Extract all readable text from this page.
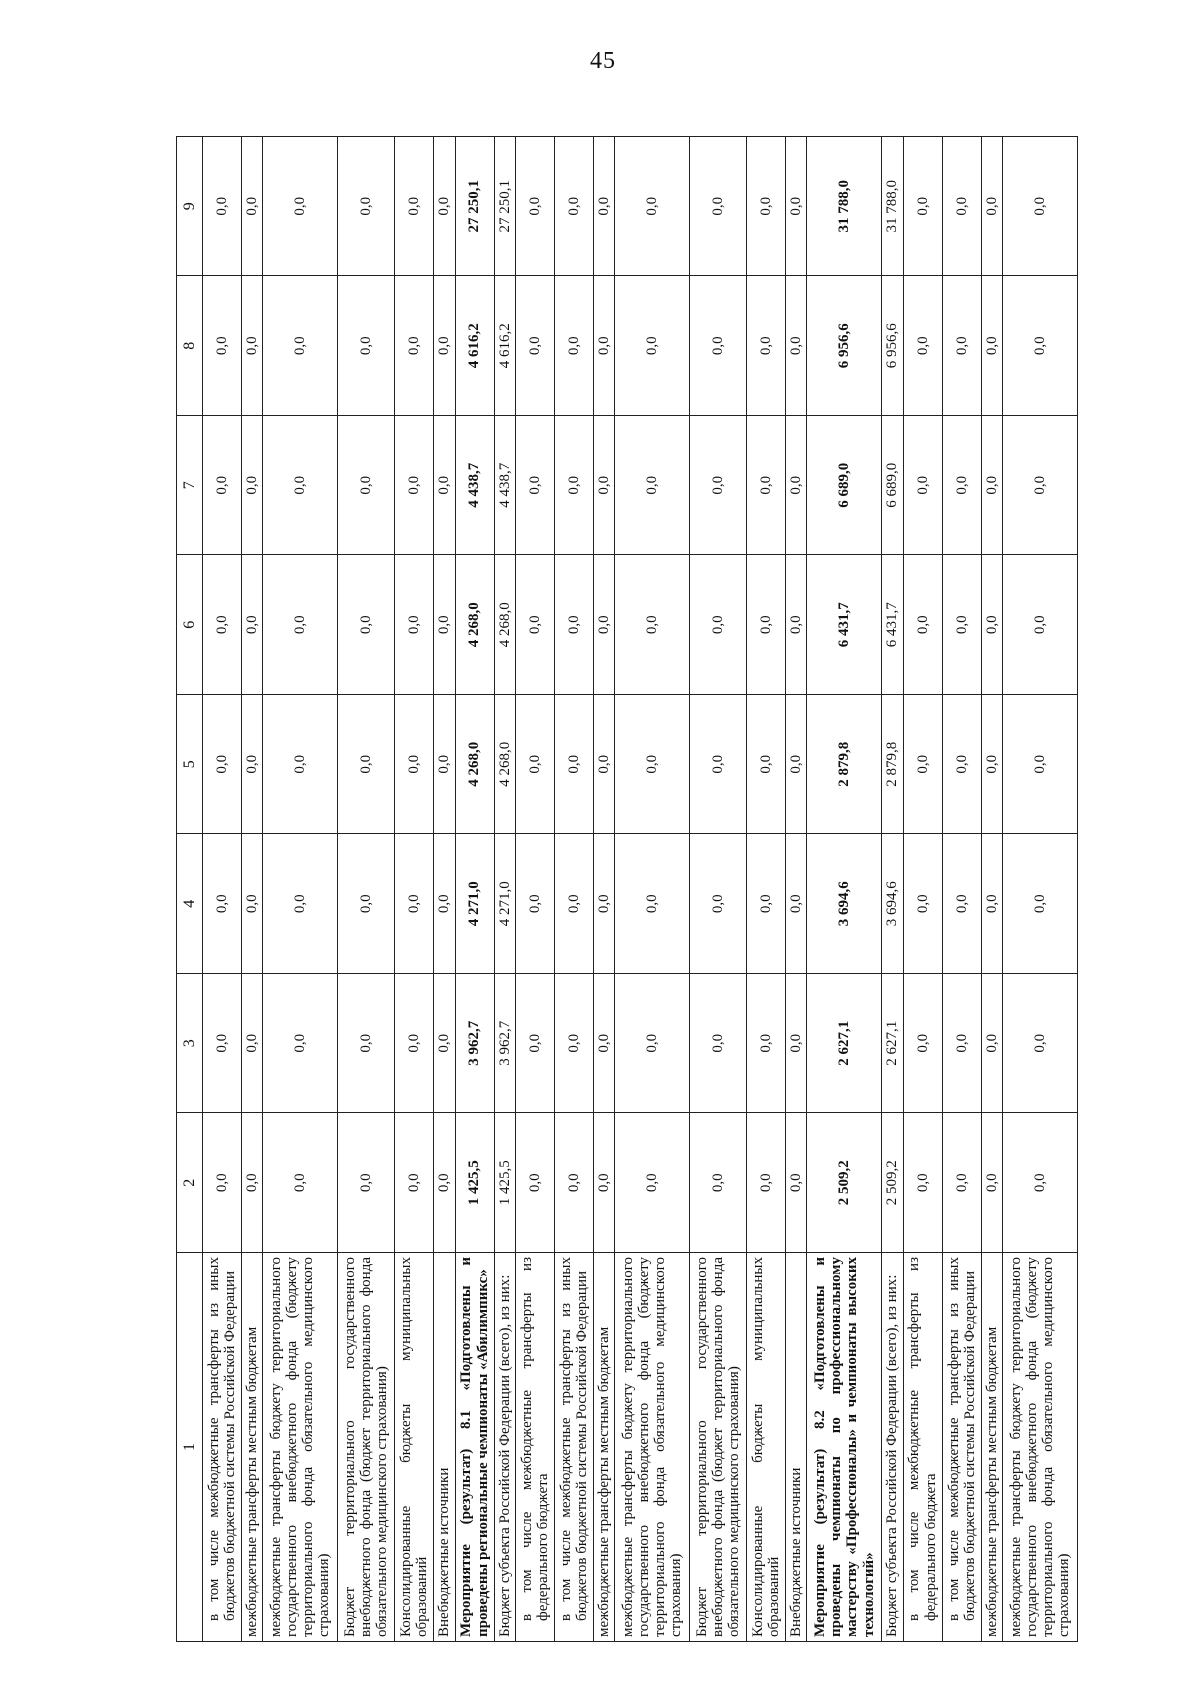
45
1	2	3	4	5	6	7	8	9
в том числе межбюджетные трансферты из иных бюджетов бюджетной системы Российской Федерации	0,0	0,0	0,0	0,0	0,0	0,0	0,0	0,0
межбюджетные трансферты местным бюджетам	0,0	0,0	0,0	0,0	0,0	0,0	0,0	0,0
межбюджетные трансферты бюджету территориального государственного внебюджетного фонда (бюджету территориального фонда обязательного медицинского страхования)	0,0	0,0	0,0	0,0	0,0	0,0	0,0	0,0
Бюджет территориального государственного внебюджетного фонда (бюджет территориального фонда обязательного медицинского страхования)	0,0	0,0	0,0	0,0	0,0	0,0	0,0	0,0
Консолидированные бюджеты муниципальных образований	0,0	0,0	0,0	0,0	0,0	0,0	0,0	0,0
Внебюджетные источники	0,0	0,0	0,0	0,0	0,0	0,0	0,0	0,0
Мероприятие (результат) 8.1 «Подготовлены и проведены региональные чемпионаты «Абилимпикс»	1 425,5	3 962,7	4 271,0	4 268,0	4 268,0	4 438,7	4 616,2	27 250,1
Бюджет субъекта Российской Федерации (всего), из них:	1 425,5	3 962,7	4 271,0	4 268,0	4 268,0	4 438,7	4 616,2	27 250,1
в том числе межбюджетные трансферты из федерального бюджета	0,0	0,0	0,0	0,0	0,0	0,0	0,0	0,0
в том числе межбюджетные трансферты из иных бюджетов бюджетной системы Российской Федерации	0,0	0,0	0,0	0,0	0,0	0,0	0,0	0,0
межбюджетные трансферты местным бюджетам	0,0	0,0	0,0	0,0	0,0	0,0	0,0	0,0
межбюджетные трансферты бюджету территориального государственного внебюджетного фонда (бюджету территориального фонда обязательного медицинского страхования)	0,0	0,0	0,0	0,0	0,0	0,0	0,0	0,0
Бюджет территориального государственного внебюджетного фонда (бюджет территориального фонда обязательного медицинского страхования)	0,0	0,0	0,0	0,0	0,0	0,0	0,0	0,0
Консолидированные бюджеты муниципальных образований	0,0	0,0	0,0	0,0	0,0	0,0	0,0	0,0
Внебюджетные источники	0,0	0,0	0,0	0,0	0,0	0,0	0,0	0,0
Мероприятие (результат) 8.2 «Подготовлены и проведены чемпионаты по профессиональному мастерству «Профессионалы» и чемпионаты высоких технологий»	2 509,2	2 627,1	3 694,6	2 879,8	6 431,7	6 689,0	6 956,6	31 788,0
Бюджет субъекта Российской Федерации (всего), из них:	2 509,2	2 627,1	3 694,6	2 879,8	6 431,7	6 689,0	6 956,6	31 788,0
в том числе межбюджетные трансферты из федерального бюджета	0,0	0,0	0,0	0,0	0,0	0,0	0,0	0,0
в том числе межбюджетные трансферты из иных бюджетов бюджетной системы Российской Федерации	0,0	0,0	0,0	0,0	0,0	0,0	0,0	0,0
межбюджетные трансферты местным бюджетам	0,0	0,0	0,0	0,0	0,0	0,0	0,0	0,0
межбюджетные трансферты бюджету территориального государственного внебюджетного фонда (бюджету территориального фонда обязательного медицинского страхования)	0,0	0,0	0,0	0,0	0,0	0,0	0,0	0,0
